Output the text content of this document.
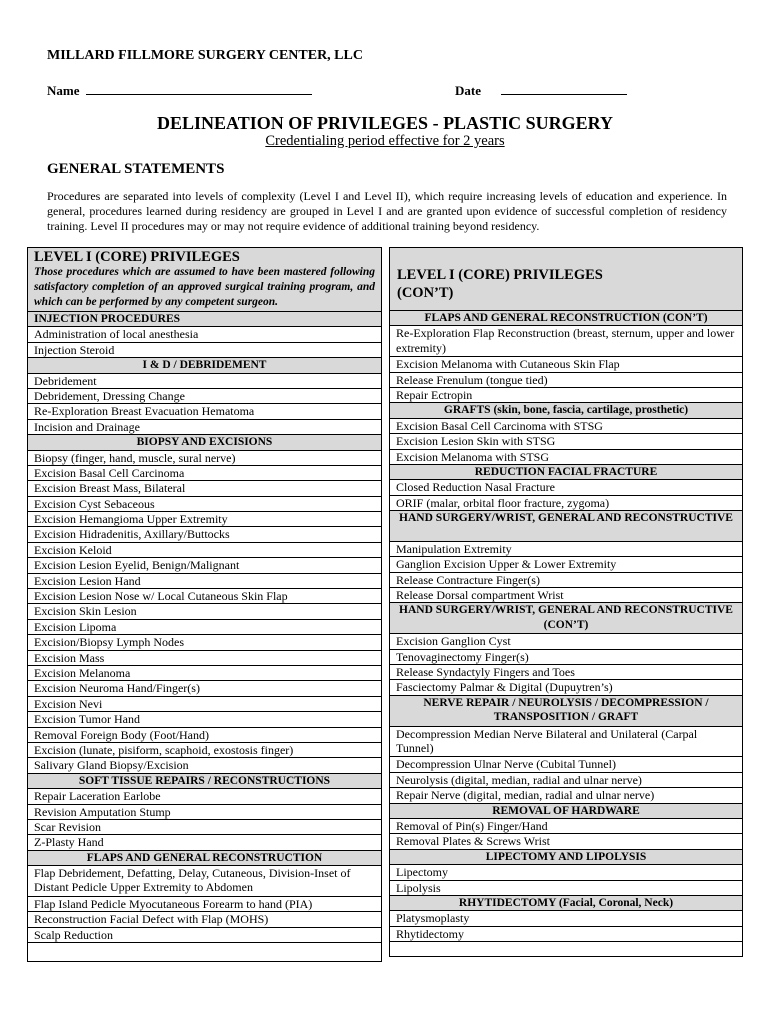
MILLARD FILLMORE SURGERY CENTER, LLC
Name	Date
DELINEATION OF PRIVILEGES - PLASTIC SURGERY
Credentialing period effective for 2 years
GENERAL STATEMENTS
Procedures are separated into levels of complexity (Level I and Level II), which require increasing levels of education and experience. In general, procedures learned during residency are grouped in Level I and are granted upon evidence of successful completion of residency training. Level II procedures may or may not require evidence of additional training beyond residency.
LEVEL I (CORE) PRIVILEGES
Those procedures which are assumed to have been mastered following satisfactory completion of an approved surgical training program, and which can be performed by any competent surgeon.
INJECTION PROCEDURES
Administration of local anesthesia
Injection Steroid
I & D / DEBRIDEMENT
Debridement
Debridement, Dressing Change
Re-Exploration Breast Evacuation Hematoma
Incision and Drainage
BIOPSY AND EXCISIONS
Biopsy (finger, hand, muscle, sural nerve)
Excision Basal Cell Carcinoma
Excision Breast Mass, Bilateral
Excision Cyst Sebaceous
Excision Hemangioma Upper Extremity
Excision Hidradenitis, Axillary/Buttocks
Excision Keloid
Excision Lesion Eyelid, Benign/Malignant
Excision Lesion Hand
Excision Lesion Nose w/ Local Cutaneous Skin Flap
Excision Skin Lesion
Excision Lipoma
Excision/Biopsy Lymph Nodes
Excision Mass
Excision Melanoma
Excision Neuroma Hand/Finger(s)
Excision Nevi
Excision Tumor Hand
Removal Foreign Body (Foot/Hand)
Excision (lunate, pisiform, scaphoid, exostosis finger)
Salivary Gland Biopsy/Excision
SOFT TISSUE REPAIRS / RECONSTRUCTIONS
Repair Laceration Earlobe
Revision Amputation Stump
Scar Revision
Z-Plasty Hand
FLAPS AND GENERAL RECONSTRUCTION
Flap Debridement, Defatting, Delay, Cutaneous, Division-Inset of Distant Pedicle Upper Extremity to Abdomen
Flap Island Pedicle Myocutaneous Forearm to hand (PIA)
Reconstruction Facial Defect with Flap (MOHS)
Scalp Reduction
LEVEL I (CORE) PRIVILEGES
(CON’T)
FLAPS AND GENERAL RECONSTRUCTION (CON’T)
Re-Exploration Flap Reconstruction (breast, sternum, upper and lower extremity)
Excision Melanoma with Cutaneous Skin Flap
Release Frenulum (tongue tied)
Repair Ectropin
GRAFTS (skin, bone, fascia, cartilage, prosthetic)
Excision Basal Cell Carcinoma with STSG
Excision Lesion Skin with STSG
Excision Melanoma with STSG
REDUCTION FACIAL FRACTURE
Closed Reduction Nasal Fracture
ORIF (malar, orbital floor fracture, zygoma)
HAND SURGERY/WRIST, GENERAL AND RECONSTRUCTIVE
Manipulation Extremity
Ganglion Excision Upper & Lower Extremity
Release Contracture Finger(s)
Release Dorsal compartment Wrist
HAND SURGERY/WRIST, GENERAL AND RECONSTRUCTIVE (CON’T)
Excision Ganglion Cyst
Tenovaginectomy Finger(s)
Release Syndactyly Fingers and Toes
Fasciectomy Palmar & Digital (Dupuytren’s)
NERVE REPAIR / NEUROLYSIS / DECOMPRESSION / TRANSPOSITION / GRAFT
Decompression Median Nerve Bilateral and Unilateral (Carpal Tunnel)
Decompression Ulnar Nerve (Cubital Tunnel)
Neurolysis (digital, median, radial and ulnar nerve)
Repair Nerve (digital, median, radial and ulnar nerve)
REMOVAL OF HARDWARE
Removal of Pin(s) Finger/Hand
Removal Plates & Screws Wrist
LIPECTOMY AND LIPOLYSIS
Lipectomy
Lipolysis
RHYTIDECTOMY (Facial, Coronal, Neck)
Platysmoplasty
Rhytidectomy
